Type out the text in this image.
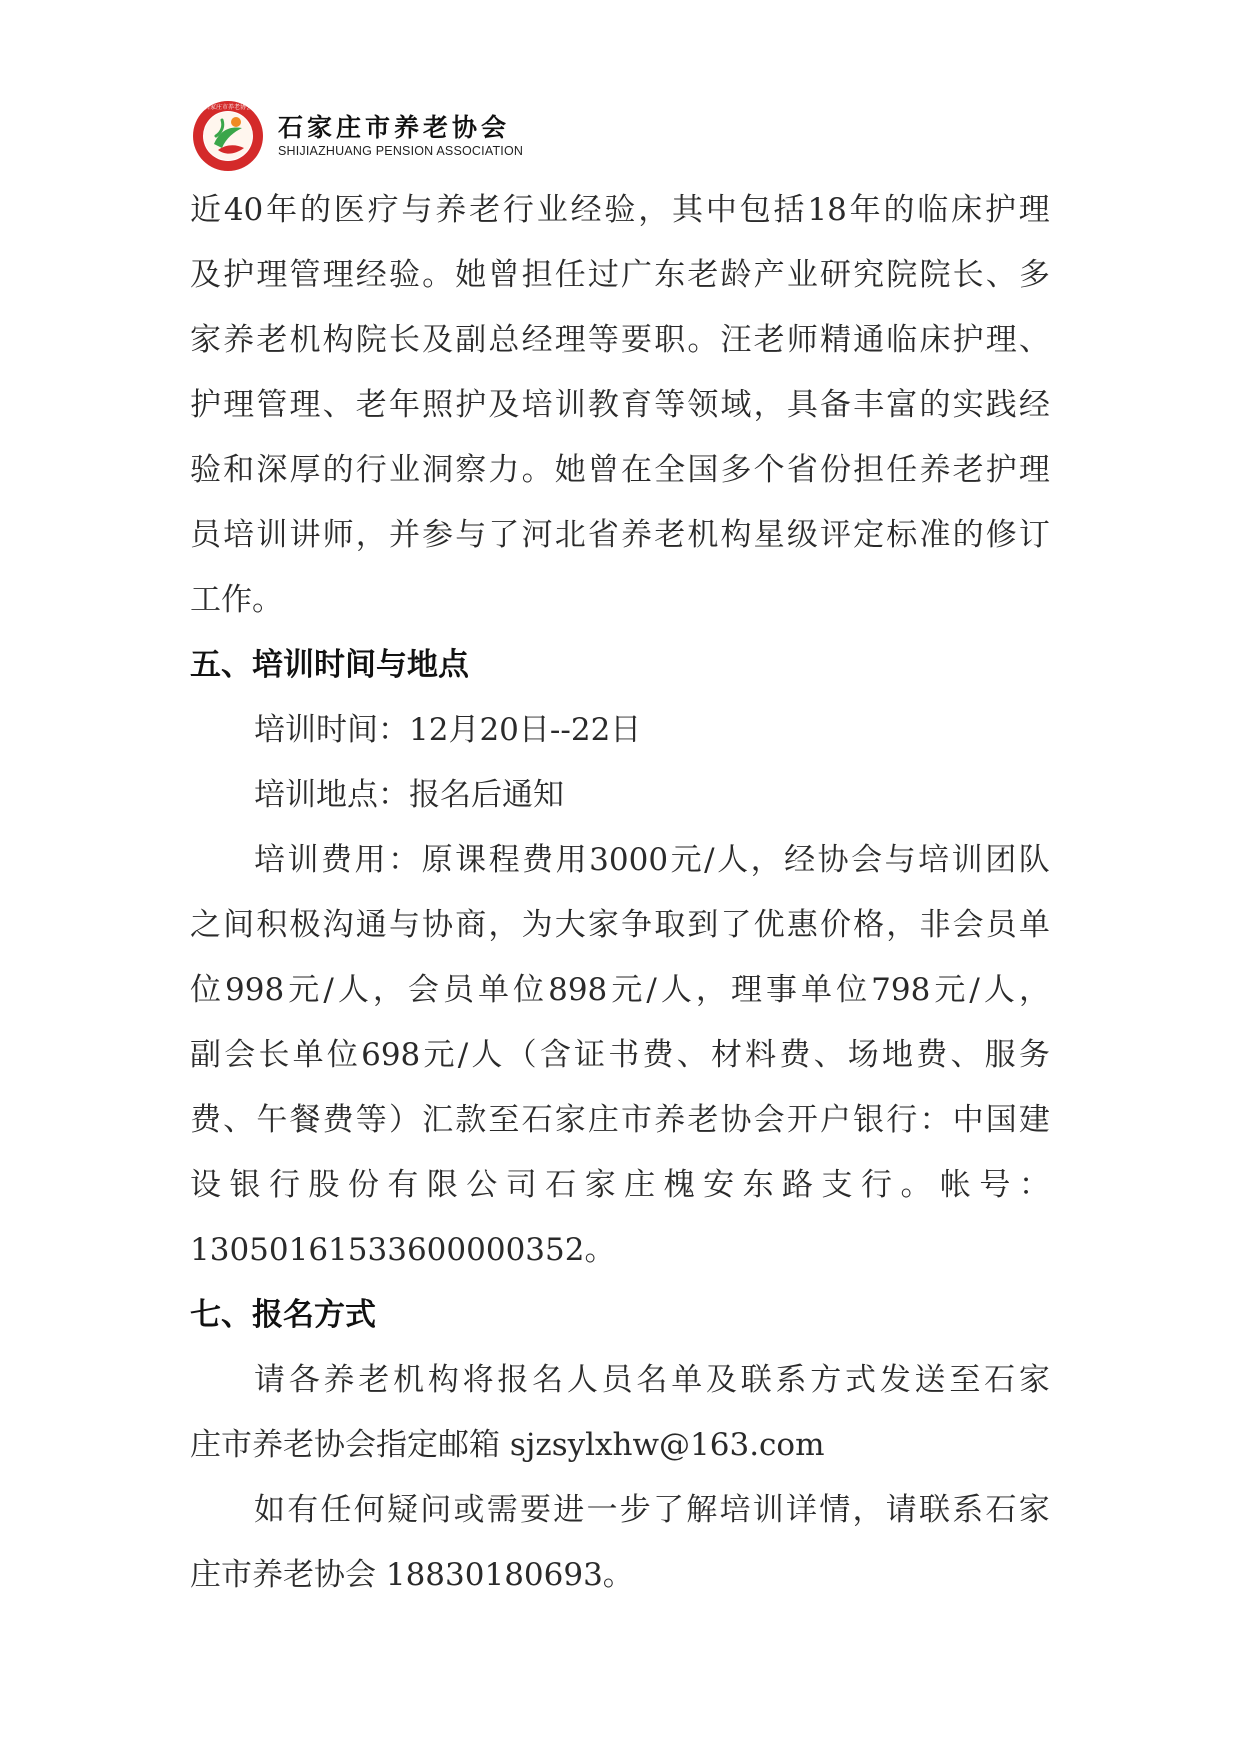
石家庄市养老协会
石家庄市养老协会
SHIJIAZHUANG PENSION ASSOCIATION
近 40 年 的 医 疗 与 养 老 行 业 经 验 ， 其 中 包 括 18 年 的 临 床 护 理
及 护 理 管 理 经 验 。 她 曾 担 任 过 广 东 老 龄 产 业 研 究 院 院 长 、 多
家 养 老 机 构 院 长 及 副 总 经 理 等 要 职 。 汪 老 师 精 通 临 床 护 理 、
护 理 管 理 、 老 年 照 护 及 培 训 教 育 等 领 域 ， 具 备 丰 富 的 实 践 经
验 和 深 厚 的 行 业 洞 察 力 。 她 曾 在 全 国 多 个 省 份 担 任 养 老 护 理
员 培 训 讲 师 ， 并 参 与 了 河 北 省 养 老 机 构 星 级 评 定 标 准 的 修 订
工作。
五、培训时间与地点
培训时间：12月20日--22日
培训地点：报名后通知
培 训 费 用 ： 原 课 程 费 用 3000 元 / 人 ， 经 协 会 与 培 训 团 队
之 间 积 极 沟 通 与 协 商 ， 为 大 家 争 取 到 了 优 惠 价 格 ， 非 会 员 单
位 998 元 / 人 ， 会 员 单 位 898 元 / 人 ， 理 事 单 位 798 元 / 人 ，
副 会 长 单 位 698 元 / 人 （ 含 证 书 费 、 材 料 费 、 场 地 费 、 服 务
费 、 午 餐 费 等 ） 汇 款 至 石 家 庄 市 养 老 协 会 开 户 银 行 ： 中 国 建
设 银 行 股 份 有 限 公 司 石 家 庄 槐 安 东 路 支 行 。 帐 号 ：
13050161533600000352。
七、报名方式
请 各 养 老 机 构 将 报 名 人 员 名 单 及 联 系 方 式 发 送 至 石 家
庄市养老协会指定邮箱 sjzsylxhw@163.com
如 有 任 何 疑 问 或 需 要 进 一 步 了 解 培 训 详 情 ， 请 联 系 石 家
庄市养老协会 18830180693。
